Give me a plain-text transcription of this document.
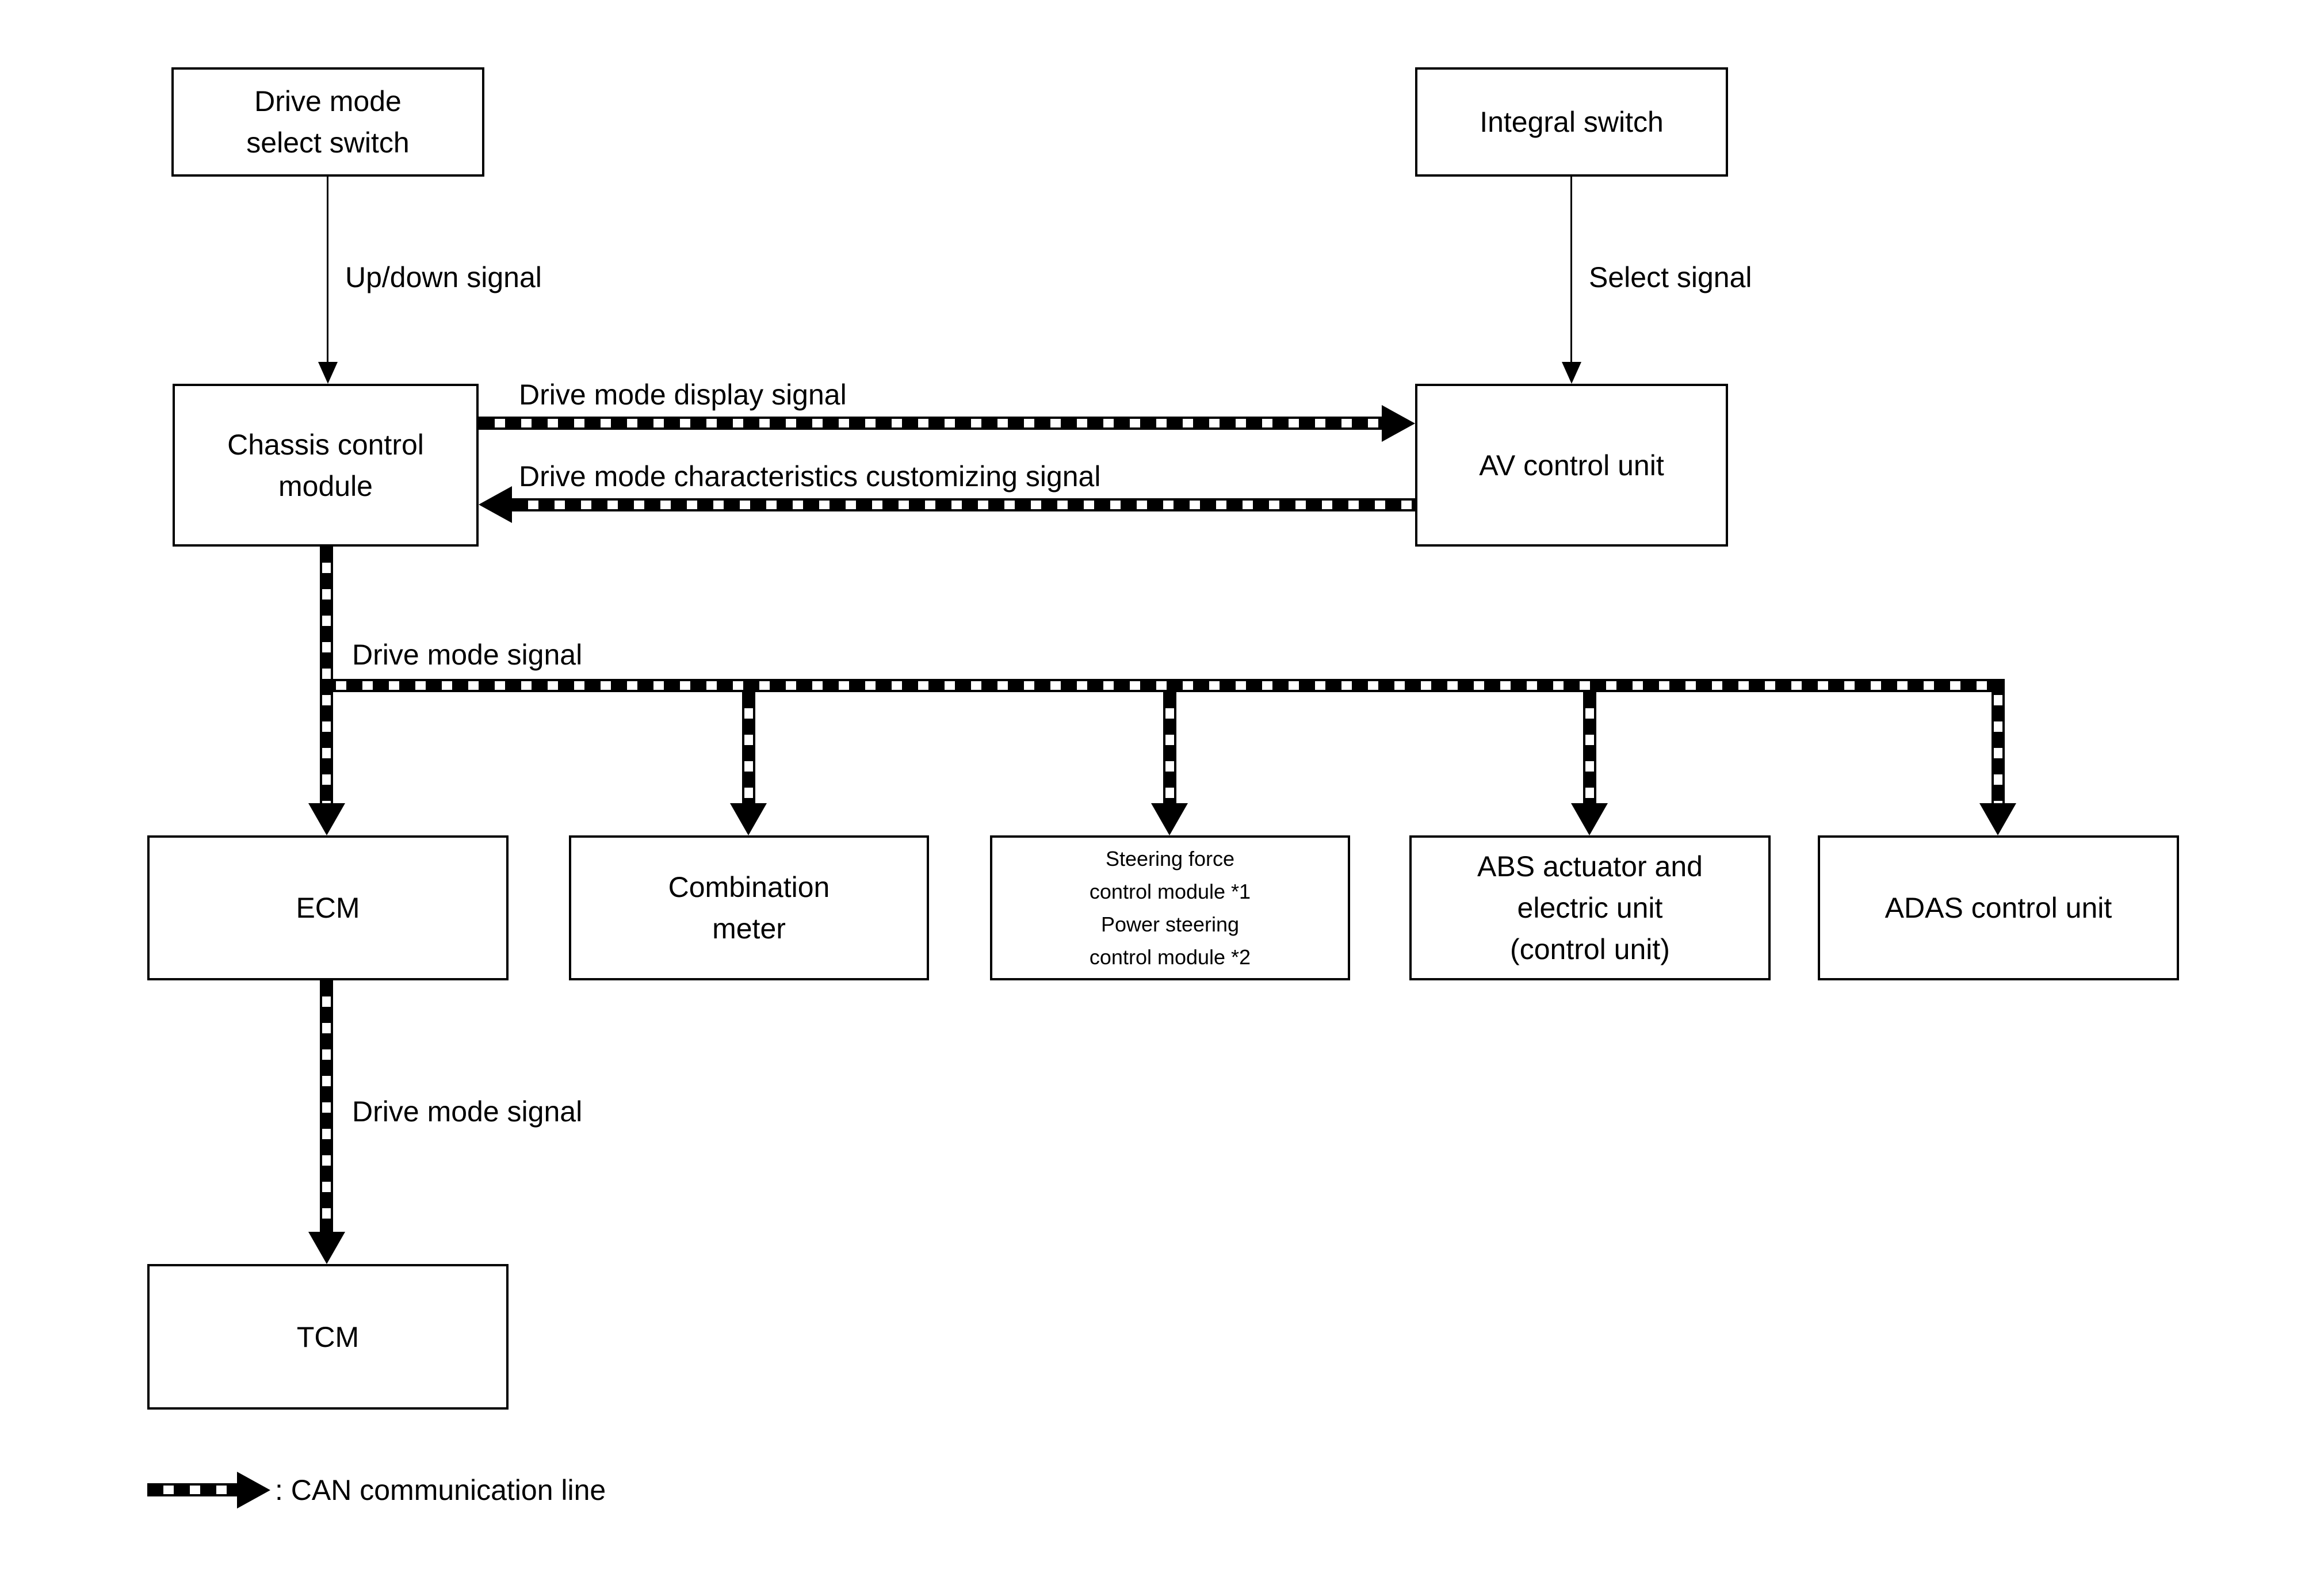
Drive mode
select switch
Integral switch
Up/down signal	Select signal
Chassis control
module
AV control unit
Drive mode display signal
Drive mode characteristics customizing signal
Drive mode signal
ECM
Combination
meter
Steering force
control module *1
Power steering
control module *2
ABS actuator and
electric unit
(control unit)
ADAS control unit
Drive mode signal
TCM
: CAN communication line
